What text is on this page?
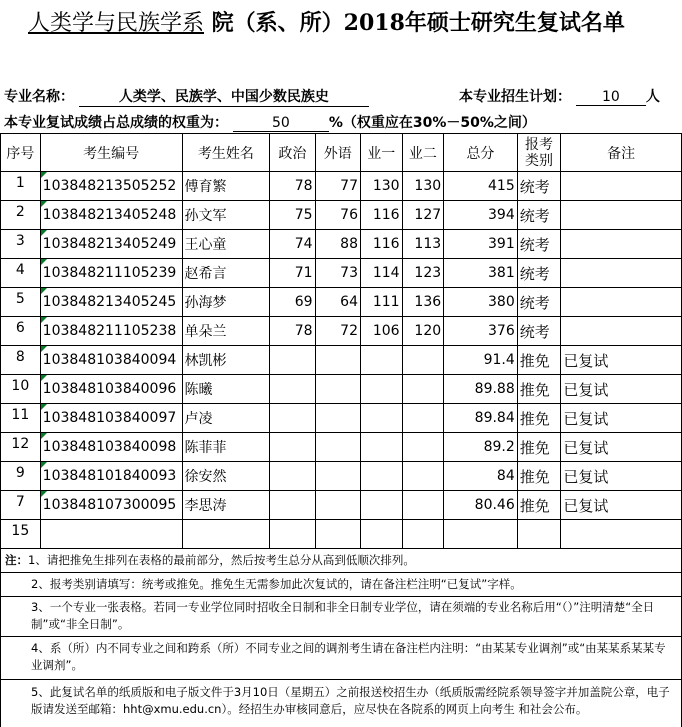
人类学与民族学系 院（系、所）2018年硕士研究生复试名单
专业名称：	人类学、民族学、中国少数民族史	本专业招生计划： 10 人
本专业复试成绩占总成绩的权重为：	50	%（权重应在30%－50%之间）
序号	考生编号	考生姓名	政治	外语	业一	业二	总分	报考类别	备注
1	103848213505252	傅育繁	78	77	130	130	415	统考	
2	103848213405248	孙文军	75	76	116	127	394	统考	
3	103848213405249	王心童	74	88	116	113	391	统考	
4	103848211105239	赵希言	71	73	114	123	381	统考	
5	103848213405245	孙海梦	69	64	111	136	380	统考	
6	103848211105238	单朵兰	78	72	106	120	376	统考	
8	103848103840094	林凯彬					91.4	推免	已复试
10	103848103840096	陈曦					89.88	推免	已复试
11	103848103840097	卢凌					89.84	推免	已复试
12	103848103840098	陈菲菲					89.2	推免	已复试
9	103848101840093	徐安然					84	推免	已复试
7	103848107300095	李思涛					80.46	推免	已复试
15									
注：1、请把推免生排列在表格的最前部分，然后按考生总分从高到低顺次排列。
2、报考类别请填写：统考或推免。推免生无需参加此次复试的，请在备注栏注明“已复试”字样。
3、一个专业一张表格。若同一专业学位同时招收全日制和非全日制专业学位，请在须端的专业名称后用“（）”注明清楚“全日制”或“非全日制”。
4、系（所）内不同专业之间和跨系（所）不同专业之间的调剂考生请在备注栏内注明：“由某某专业调剂”或“由某某系某某专业调剂”。
5、此复试名单的纸质版和电子版文件于3月10日（星期五）之前报送校招生办（纸质版需经院系领导签字并加盖院公章，电子版请发送至邮箱：hht@xmu.edu.cn）。经招生办审核同意后，应尽快在各院系的网页上向考生 和社会公布。
